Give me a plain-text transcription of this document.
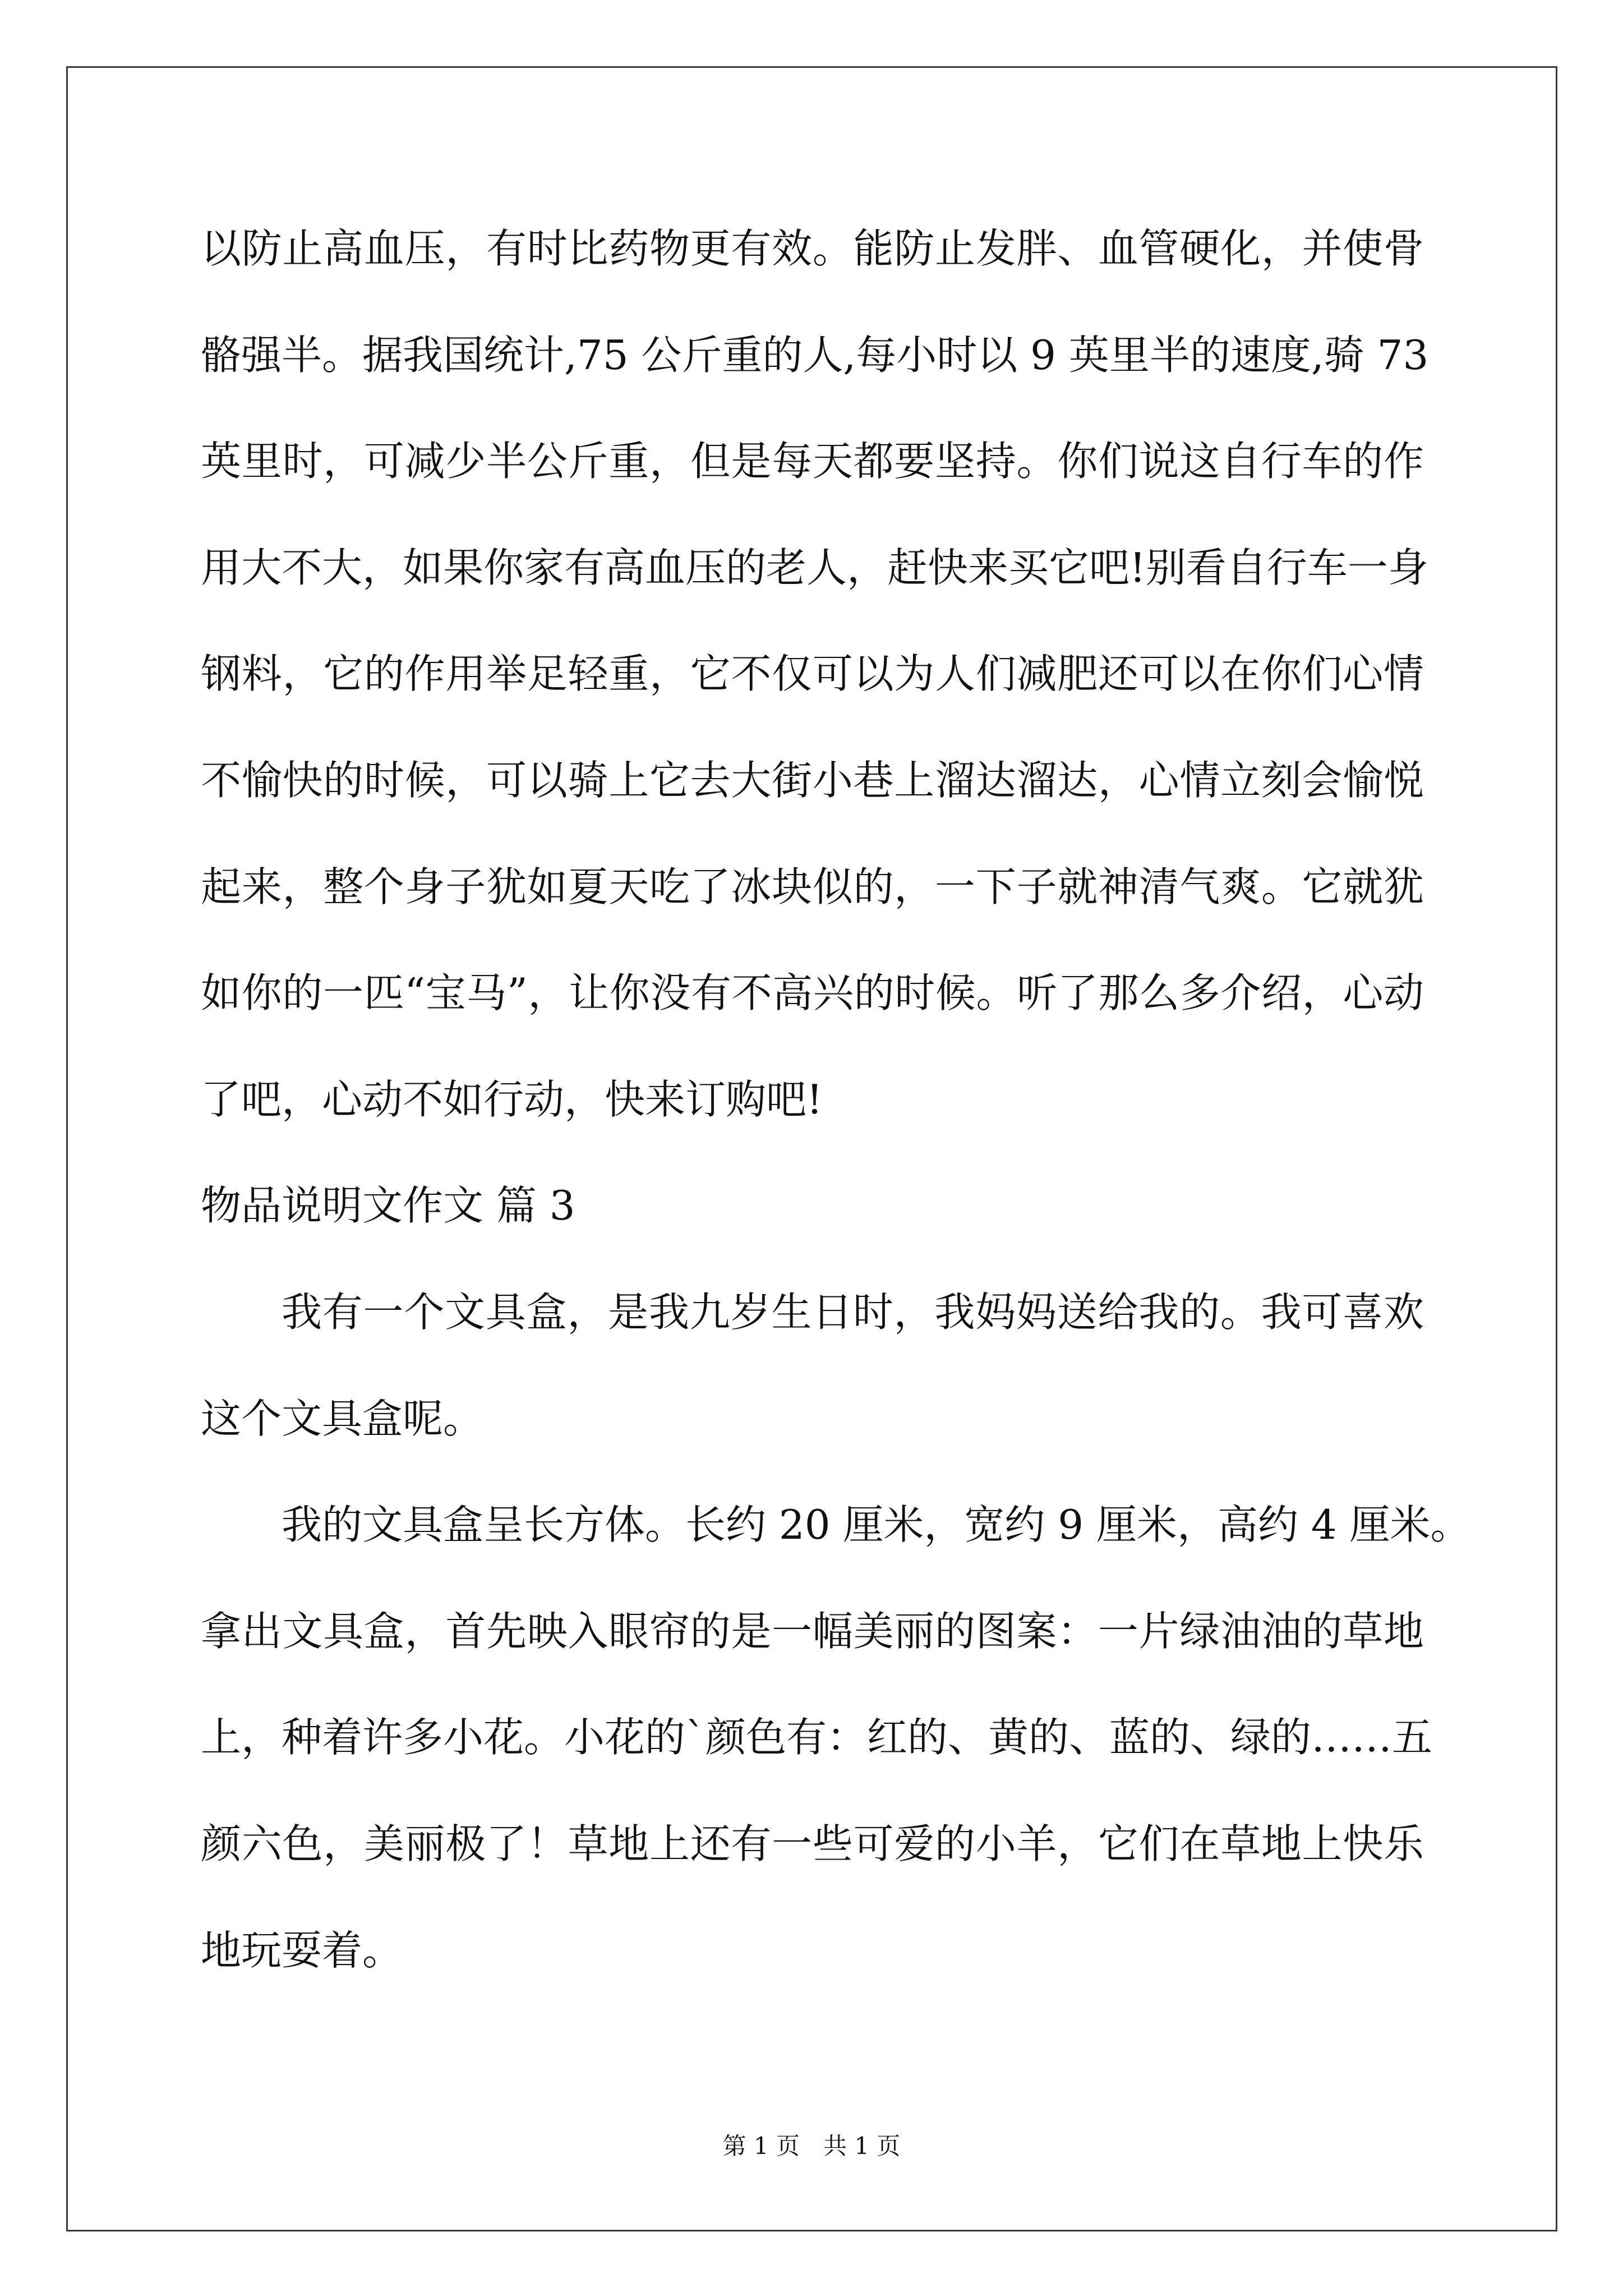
以防止高血压，有时比药物更有效。能防止发胖、血管硬化，并使骨
骼强半。据我国统计,75 公斤重的人,每小时以 9 英里半的速度,骑 73
英里时，可减少半公斤重，但是每天都要坚持。你们说这自行车的作
用大不大，如果你家有高血压的老人，赶快来买它吧!别看自行车一身
钢料，它的作用举足轻重，它不仅可以为人们减肥还可以在你们心情
不愉快的时候，可以骑上它去大街小巷上溜达溜达，心情立刻会愉悦
起来，整个身子犹如夏天吃了冰块似的，一下子就神清气爽。它就犹
如你的一匹“宝马”，让你没有不高兴的时候。听了那么多介绍，心动
了吧，心动不如行动，快来订购吧!
物品说明文作文 篇 3
我有一个文具盒，是我九岁生日时，我妈妈送给我的。我可喜欢
这个文具盒呢。
我的文具盒呈长方体。长约 20 厘米，宽约 9 厘米，高约 4 厘米。
拿出文具盒，首先映入眼帘的是一幅美丽的图案：一片绿油油的草地
上，种着许多小花。小花的`颜色有：红的、黄的、蓝的、绿的……五
颜六色，美丽极了！草地上还有一些可爱的小羊，它们在草地上快乐
地玩耍着。
第 1 页　共 1 页
